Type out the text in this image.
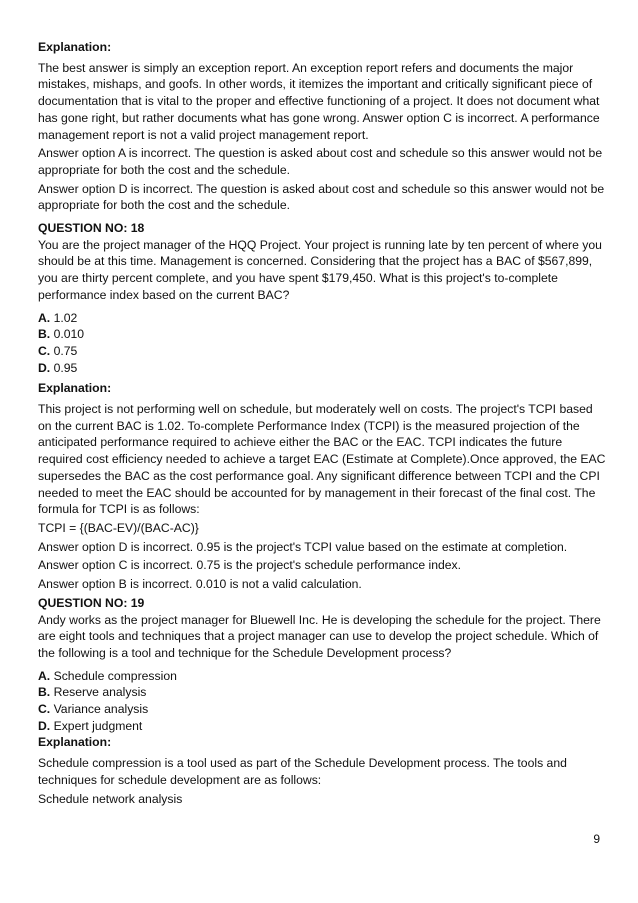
Explanation:

The best answer is simply an exception report. An exception report refers and documents the major mistakes, mishaps, and goofs. In other words, it itemizes the important and critically significant piece of documentation that is vital to the proper and effective functioning of a project. It does not document what has gone right, but rather documents what has gone wrong. Answer option C is incorrect. A performance management report is not a valid project management report.

Answer option A is incorrect. The question is asked about cost and schedule so this answer would not be appropriate for both the cost and the schedule.

Answer option D is incorrect. The question is asked about cost and schedule so this answer would not be appropriate for both the cost and the schedule.

QUESTION NO: 18

You are the project manager of the HQQ Project. Your project is running late by ten percent of where you should be at this time. Management is concerned. Considering that the project has a BAC of $567,899, you are thirty percent complete, and you have spent $179,450. What is this project's to-complete performance index based on the current BAC?

A. 1.02
B. 0.010
C. 0.75
D. 0.95

Explanation:

This project is not performing well on schedule, but moderately well on costs. The project's TCPI based on the current BAC is 1.02. To-complete Performance Index (TCPI) is the measured projection of the anticipated performance required to achieve either the BAC or the EAC. TCPI indicates the future required cost efficiency needed to achieve a target EAC (Estimate at Complete).Once approved, the EAC supersedes the BAC as the cost performance goal. Any significant difference between TCPI and the CPI needed to meet the EAC should be accounted for by management in their forecast of the final cost. The formula for TCPI is as follows:

TCPI = {(BAC-EV)/(BAC-AC)}

Answer option D is incorrect. 0.95 is the project's TCPI value based on the estimate at completion.

Answer option C is incorrect. 0.75 is the project's schedule performance index.

Answer option B is incorrect. 0.010 is not a valid calculation.

QUESTION NO: 19

Andy works as the project manager for Bluewell Inc. He is developing the schedule for the project. There are eight tools and techniques that a project manager can use to develop the project schedule. Which of the following is a tool and technique for the Schedule Development process?

A. Schedule compression
B. Reserve analysis
C. Variance analysis
D. Expert judgment

Explanation:

Schedule compression is a tool used as part of the Schedule Development process. The tools and techniques for schedule development are as follows:

Schedule network analysis

9
